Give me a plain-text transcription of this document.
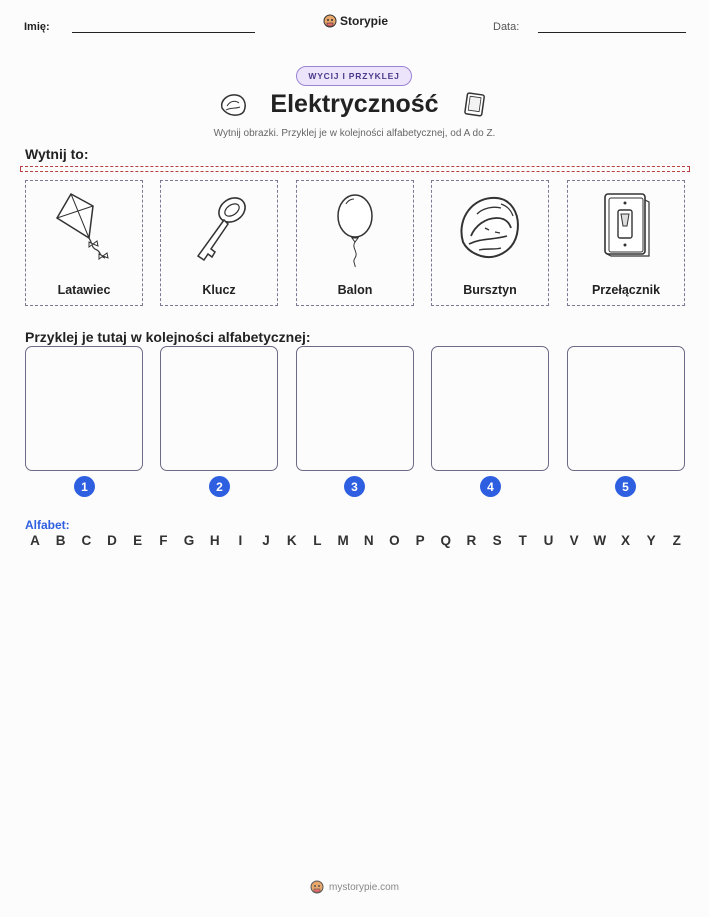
Imię:	Storypie	Data:
WYCIJ I PRZYKLEJ
Elektryczność
Wytnij obrazki. Przyklej je w kolejności alfabetycznej, od A do Z.
Wytnij to:
Latawiec	Klucz	Balon	Bursztyn	Przełącznik
Przyklej je tutaj w kolejności alfabetycznej:
1	2	3	4	5
Alfabet:
A	B	C	D	E	F	G	H	I	J	K	L	M	N	O	P	Q	R	S	T	U	V	W	X	Y	Z
mystorypie.com
